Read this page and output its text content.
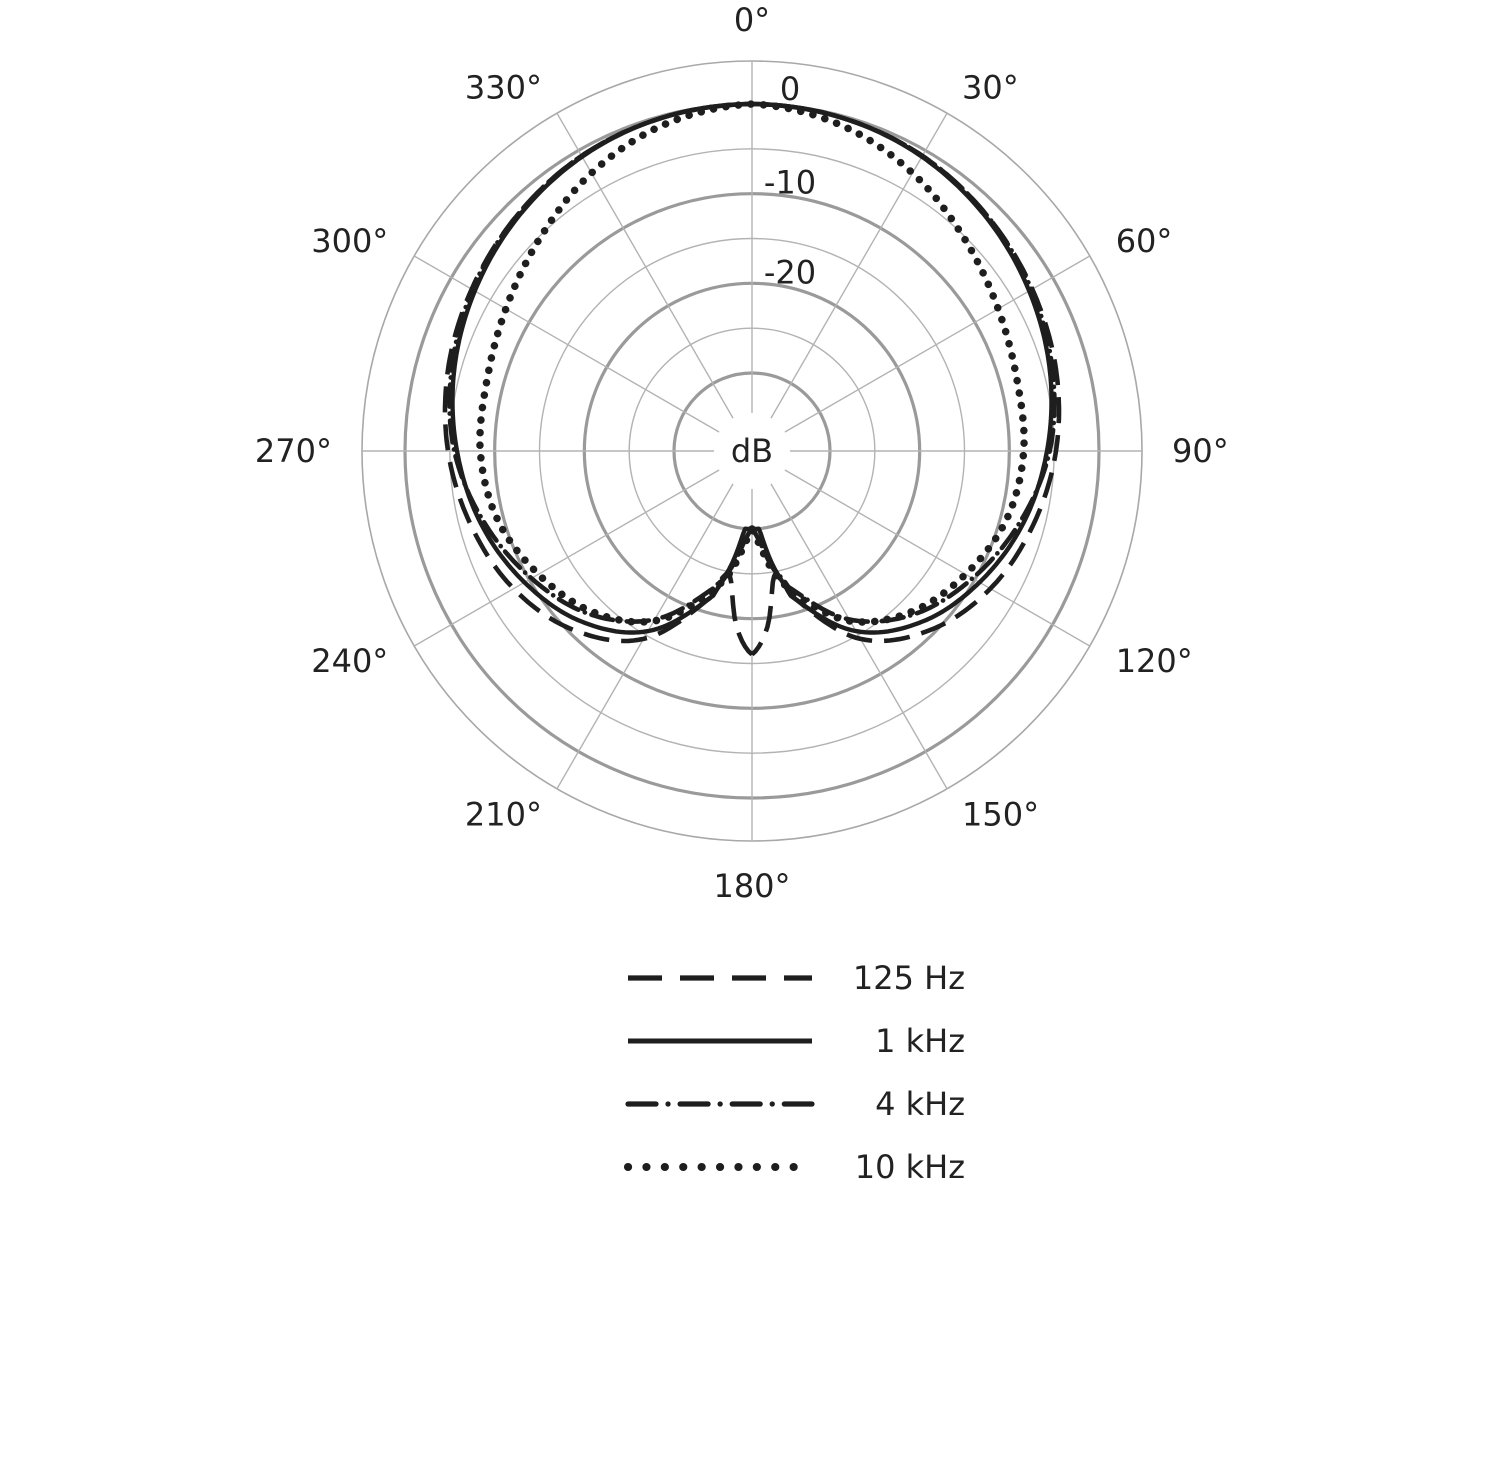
0°
30°
60°
90°
120°
150°
180°
210°
240°
270°
300°
330°	0
-10
-20
dB
125 Hz
1 kHz
4 kHz
10 kHz
